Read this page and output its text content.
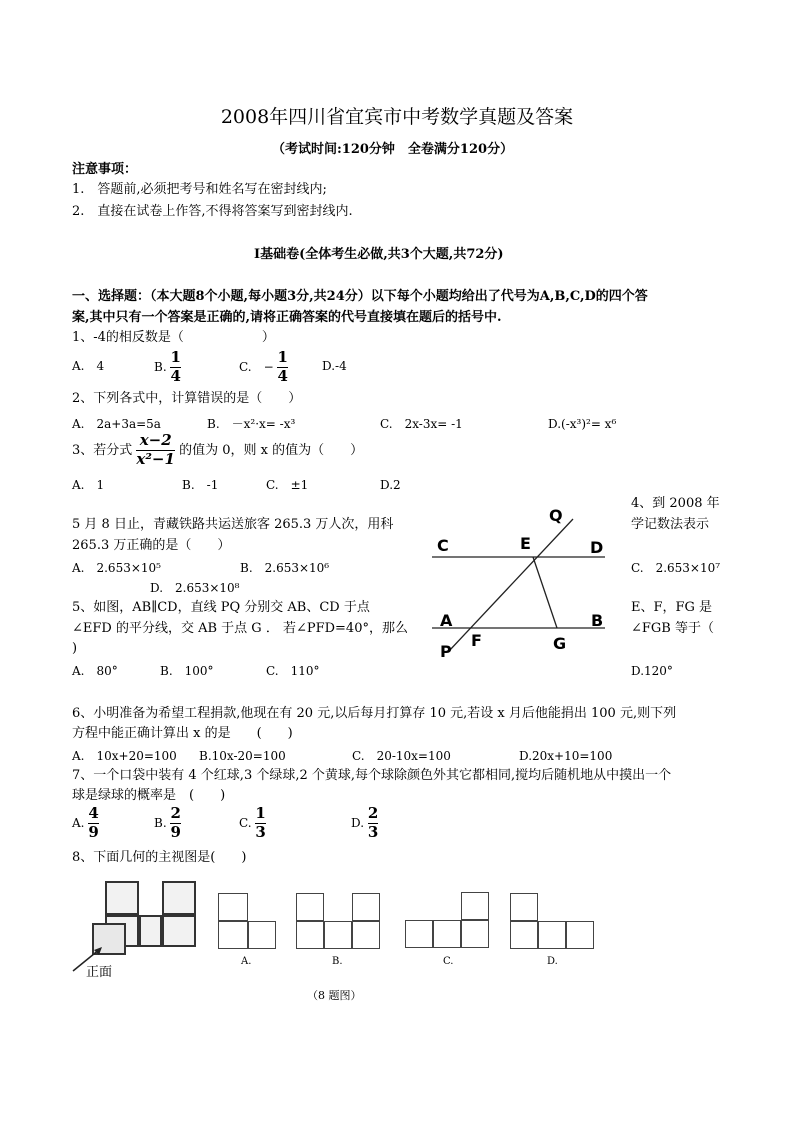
2008年四川省宜宾市中考数学真题及答案
（考试时间:120分钟　全卷满分120分）
注意事项：
1.　答题前,必须把考号和姓名写在密封线内;
2.　直接在试卷上作答,不得将答案写到密封线内.
Ⅰ基础卷(全体考生必做,共3个大题,共72分)
一、选择题：（本大题8个小题,每小题3分,共24分）以下每个小题均给出了代号为A,B,C,D的四个答
案,其中只有一个答案是正确的,请将正确答案的代号直接填在题后的括号中.
1、-4的相反数是（　　　　　　）
A.　4	B. $\frac{1}{4}$	C.　− $\frac{1}{4}$	D.-4
2、下列各式中，计算错误的是（　　）
A.　2a+3a=5a	B.　－x²·x= -x³	C.　2x-3x= -1	D.(-x³)²= x⁶
3、若分式 $\frac{x-2}{\text{x²−1}}$ 的值为 0，则 x 的值为（　　）
A.　1	B.　-1	C.　±1	D.2
4、到 2008 年
5 月 8 日止，青藏铁路共运送旅客 265.3 万人次，用科	学记数法表示
265.3 万正确的是（　　）
A.　2.653×10⁵	B.　2.653×10⁶	C.　2.653×10⁷
D.　2.653×10⁸
5、如图，AB∥CD，直线 PQ 分别交 AB、CD 于点	E、F，FG 是
∠EFD 的平分线，交 AB 于点 G ． 若∠PFD=40°，那么	∠FGB 等于（
)
A.　80°	B.　100°	C.　110°	D.120°
Q
C	E	D
A
F	G
B
P
6、小明准备为希望工程捐款,他现在有 20 元,以后每月打算存 10 元,若设 x 月后他能捐出 100 元,则下列
方程中能正确计算出 x 的是　　(　　)
A.　10x+20=100 B.10x-20=100	C.　20-10x=100	D.20x+10=100
7、一个口袋中装有 4 个红球,3 个绿球,2 个黄球,每个球除颜色外其它都相同,搅均后随机地从中摸出一个
球是绿球的概率是　(　　)
A. $\frac{4}{9}$	B. $\frac{2}{9}$	C. $\frac{1}{3}$	D. $\frac{2}{3}$
8、下面几何的主视图是(　　)
正面
A.	B.	C.	D.
（8 题图）
